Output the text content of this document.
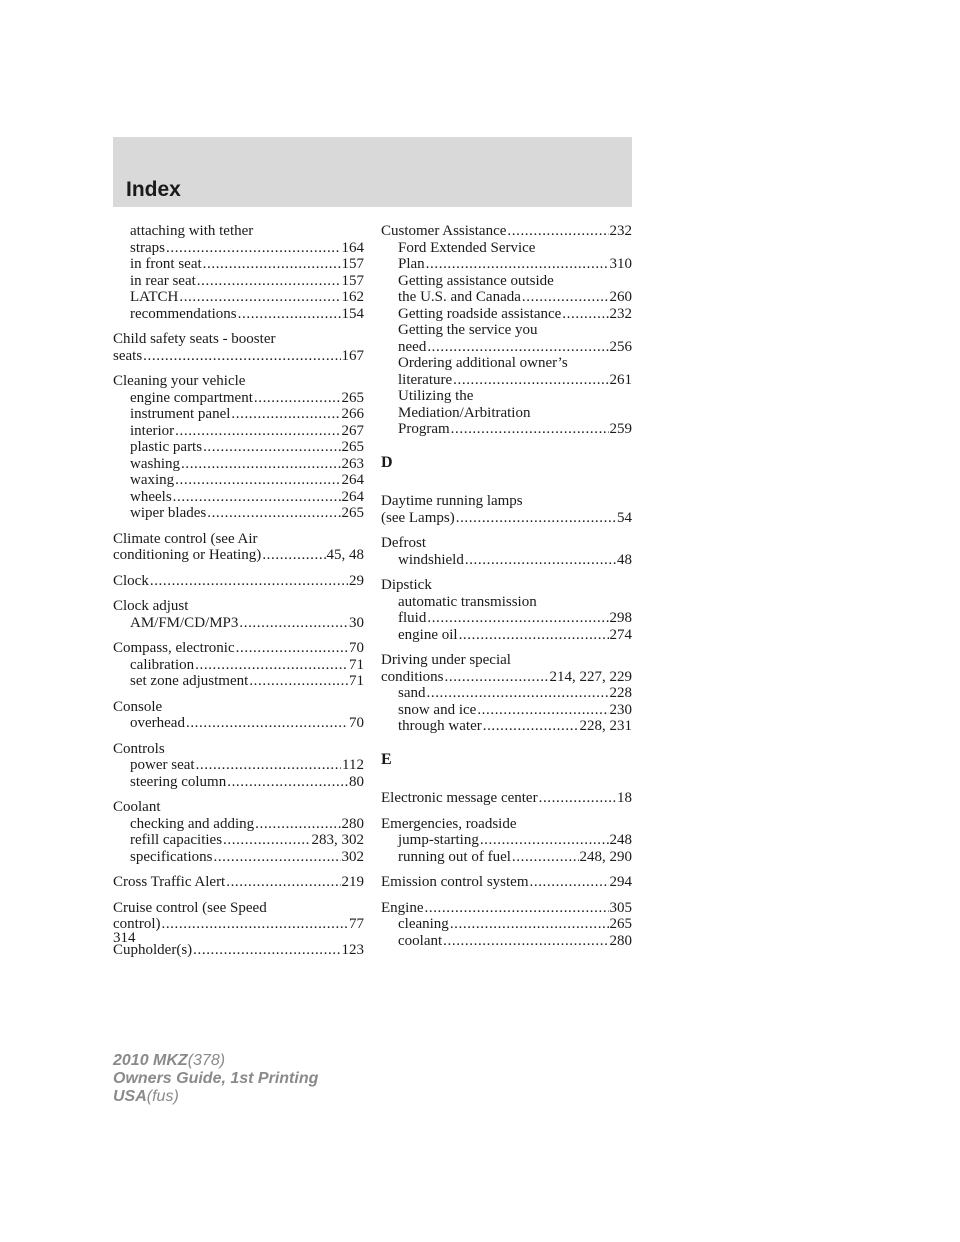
Index
attaching with tether
straps .....	164
in front seat .....	157
in rear seat .....	157
LATCH .....	162
recommendations .....	154
Child safety seats - booster
seats .....	167
Cleaning your vehicle
engine compartment .....	265
instrument panel .....	266
interior .....	267
plastic parts .....	265
washing .....	263
waxing .....	264
wheels .....	264
wiper blades .....	265
Climate control (see Air
conditioning or Heating) .....	45, 48
Clock .....	29
Clock adjust
AM/FM/CD/MP3 .....	30
Compass, electronic .....	70
calibration .....	71
set zone adjustment .....	71
Console
overhead .....	70
Controls
power seat .....	112
steering column .....	80
Coolant
checking and adding .....	280
refill capacities .....	283, 302
specifications .....	302
Cross Traffic Alert .....	219
Cruise control (see Speed
control) .....	77
Cupholder(s) .....	123
Customer Assistance .....	232
Ford Extended Service
Plan .....	310
Getting assistance outside
the U.S. and Canada .....	260
Getting roadside assistance .....	232
Getting the service you
need .....	256
Ordering additional owner’s
literature .....	261
Utilizing the
Mediation/Arbitration
Program .....	259
D
Daytime running lamps
(see Lamps) .....	54
Defrost
windshield .....	48
Dipstick
automatic transmission
fluid .....	298
engine oil .....	274
Driving under special
conditions .....	214, 227, 229
sand .....	228
snow and ice .....	230
through water .....	228, 231
E
Electronic message center .....	18
Emergencies, roadside
jump-starting .....	248
running out of fuel .....	248, 290
Emission control system .....	294
Engine .....	305
cleaning .....	265
coolant .....	280
314
2010 MKZ(378)
Owners Guide, 1st Printing
USA(fus)
